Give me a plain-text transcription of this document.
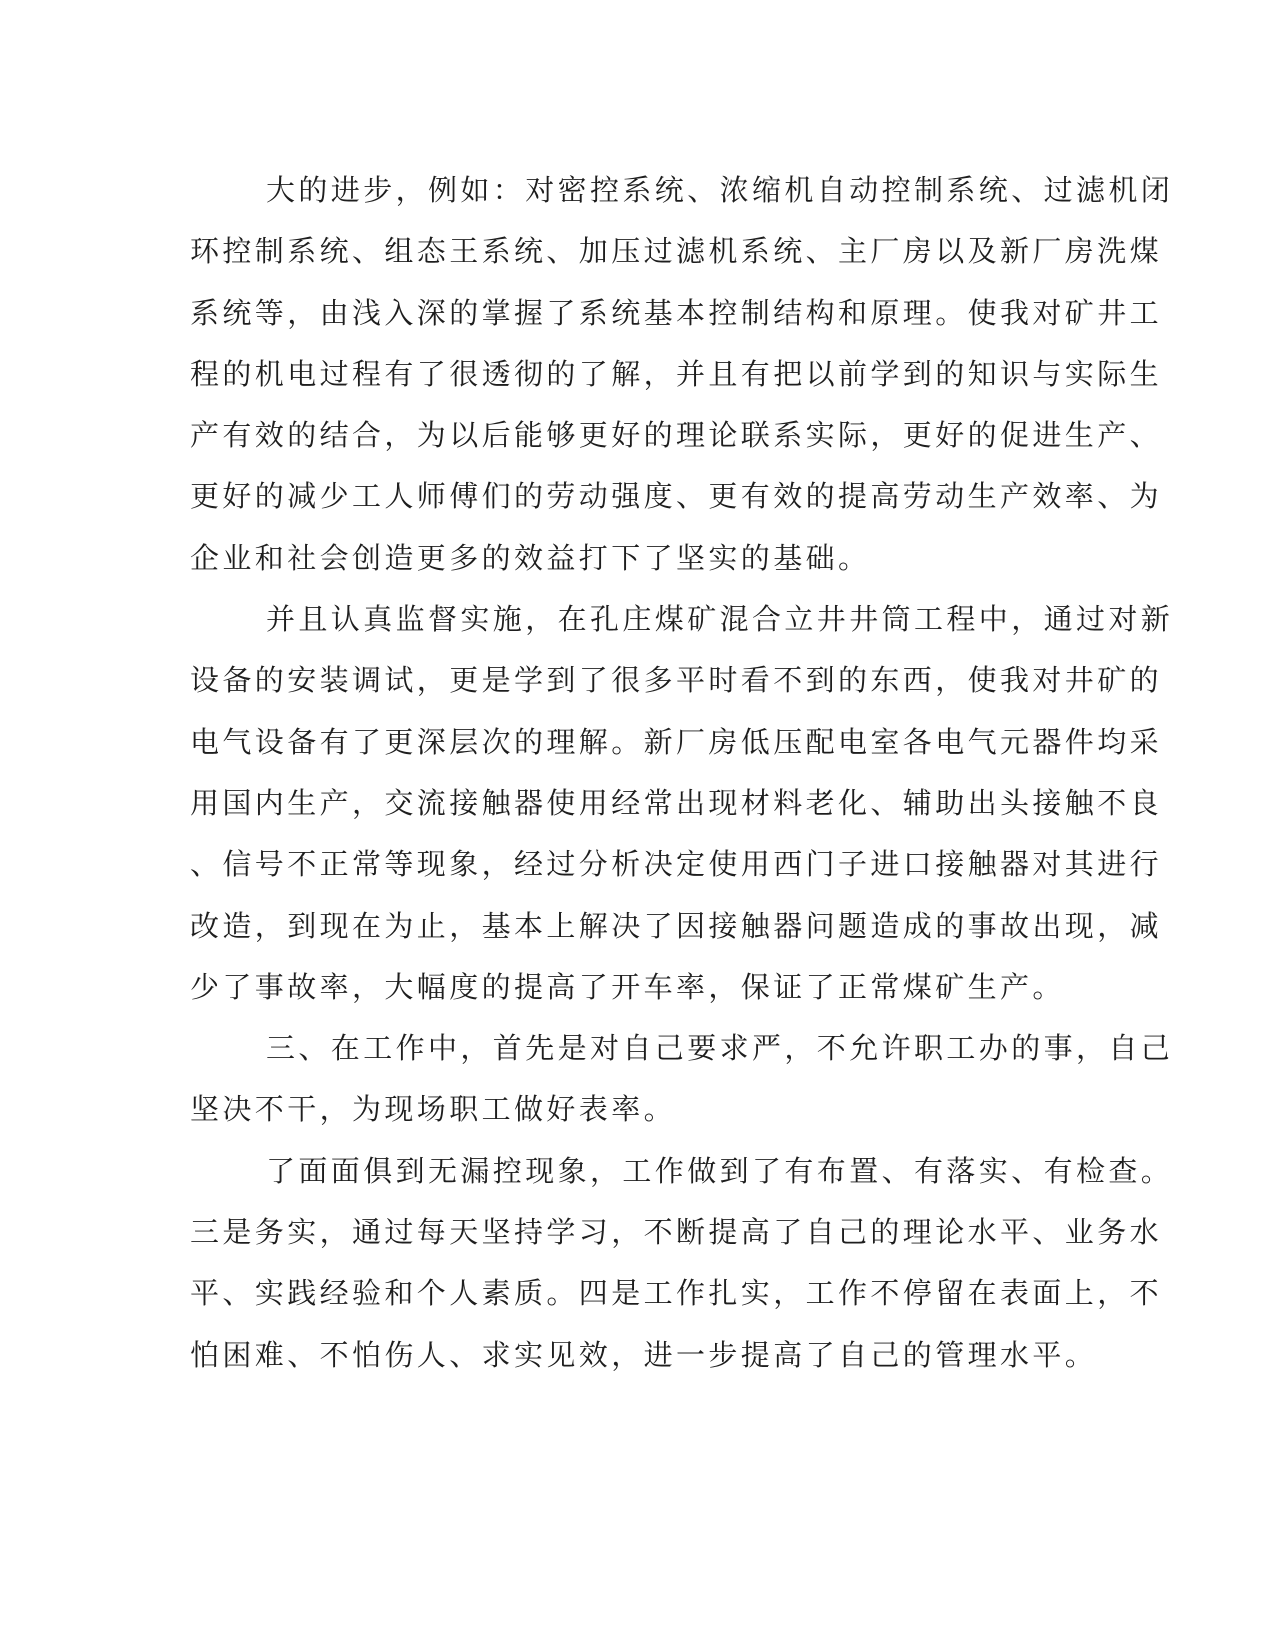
大的进步，例如：对密控系统、浓缩机自动控制系统、过滤机闭
环控制系统、组态王系统、加压过滤机系统、主厂房以及新厂房洗煤
系统等，由浅入深的掌握了系统基本控制结构和原理。使我对矿井工
程的机电过程有了很透彻的了解，并且有把以前学到的知识与实际生
产有效的结合，为以后能够更好的理论联系实际，更好的促进生产、
更好的减少工人师傅们的劳动强度、更有效的提高劳动生产效率、为
企业和社会创造更多的效益打下了坚实的基础。
并且认真监督实施，在孔庄煤矿混合立井井筒工程中，通过对新
设备的安装调试，更是学到了很多平时看不到的东西，使我对井矿的
电气设备有了更深层次的理解。新厂房低压配电室各电气元器件均采
用国内生产，交流接触器使用经常出现材料老化、辅助出头接触不良
、信号不正常等现象，经过分析决定使用西门子进口接触器对其进行
改造，到现在为止，基本上解决了因接触器问题造成的事故出现，减
少了事故率，大幅度的提高了开车率，保证了正常煤矿生产。
三、在工作中，首先是对自己要求严，不允许职工办的事，自己
坚决不干，为现场职工做好表率。
了面面俱到无漏控现象，工作做到了有布置、有落实、有检查。
三是务实，通过每天坚持学习，不断提高了自己的理论水平、业务水
平、实践经验和个人素质。四是工作扎实，工作不停留在表面上，不
怕困难、不怕伤人、求实见效，进一步提高了自己的管理水平。
